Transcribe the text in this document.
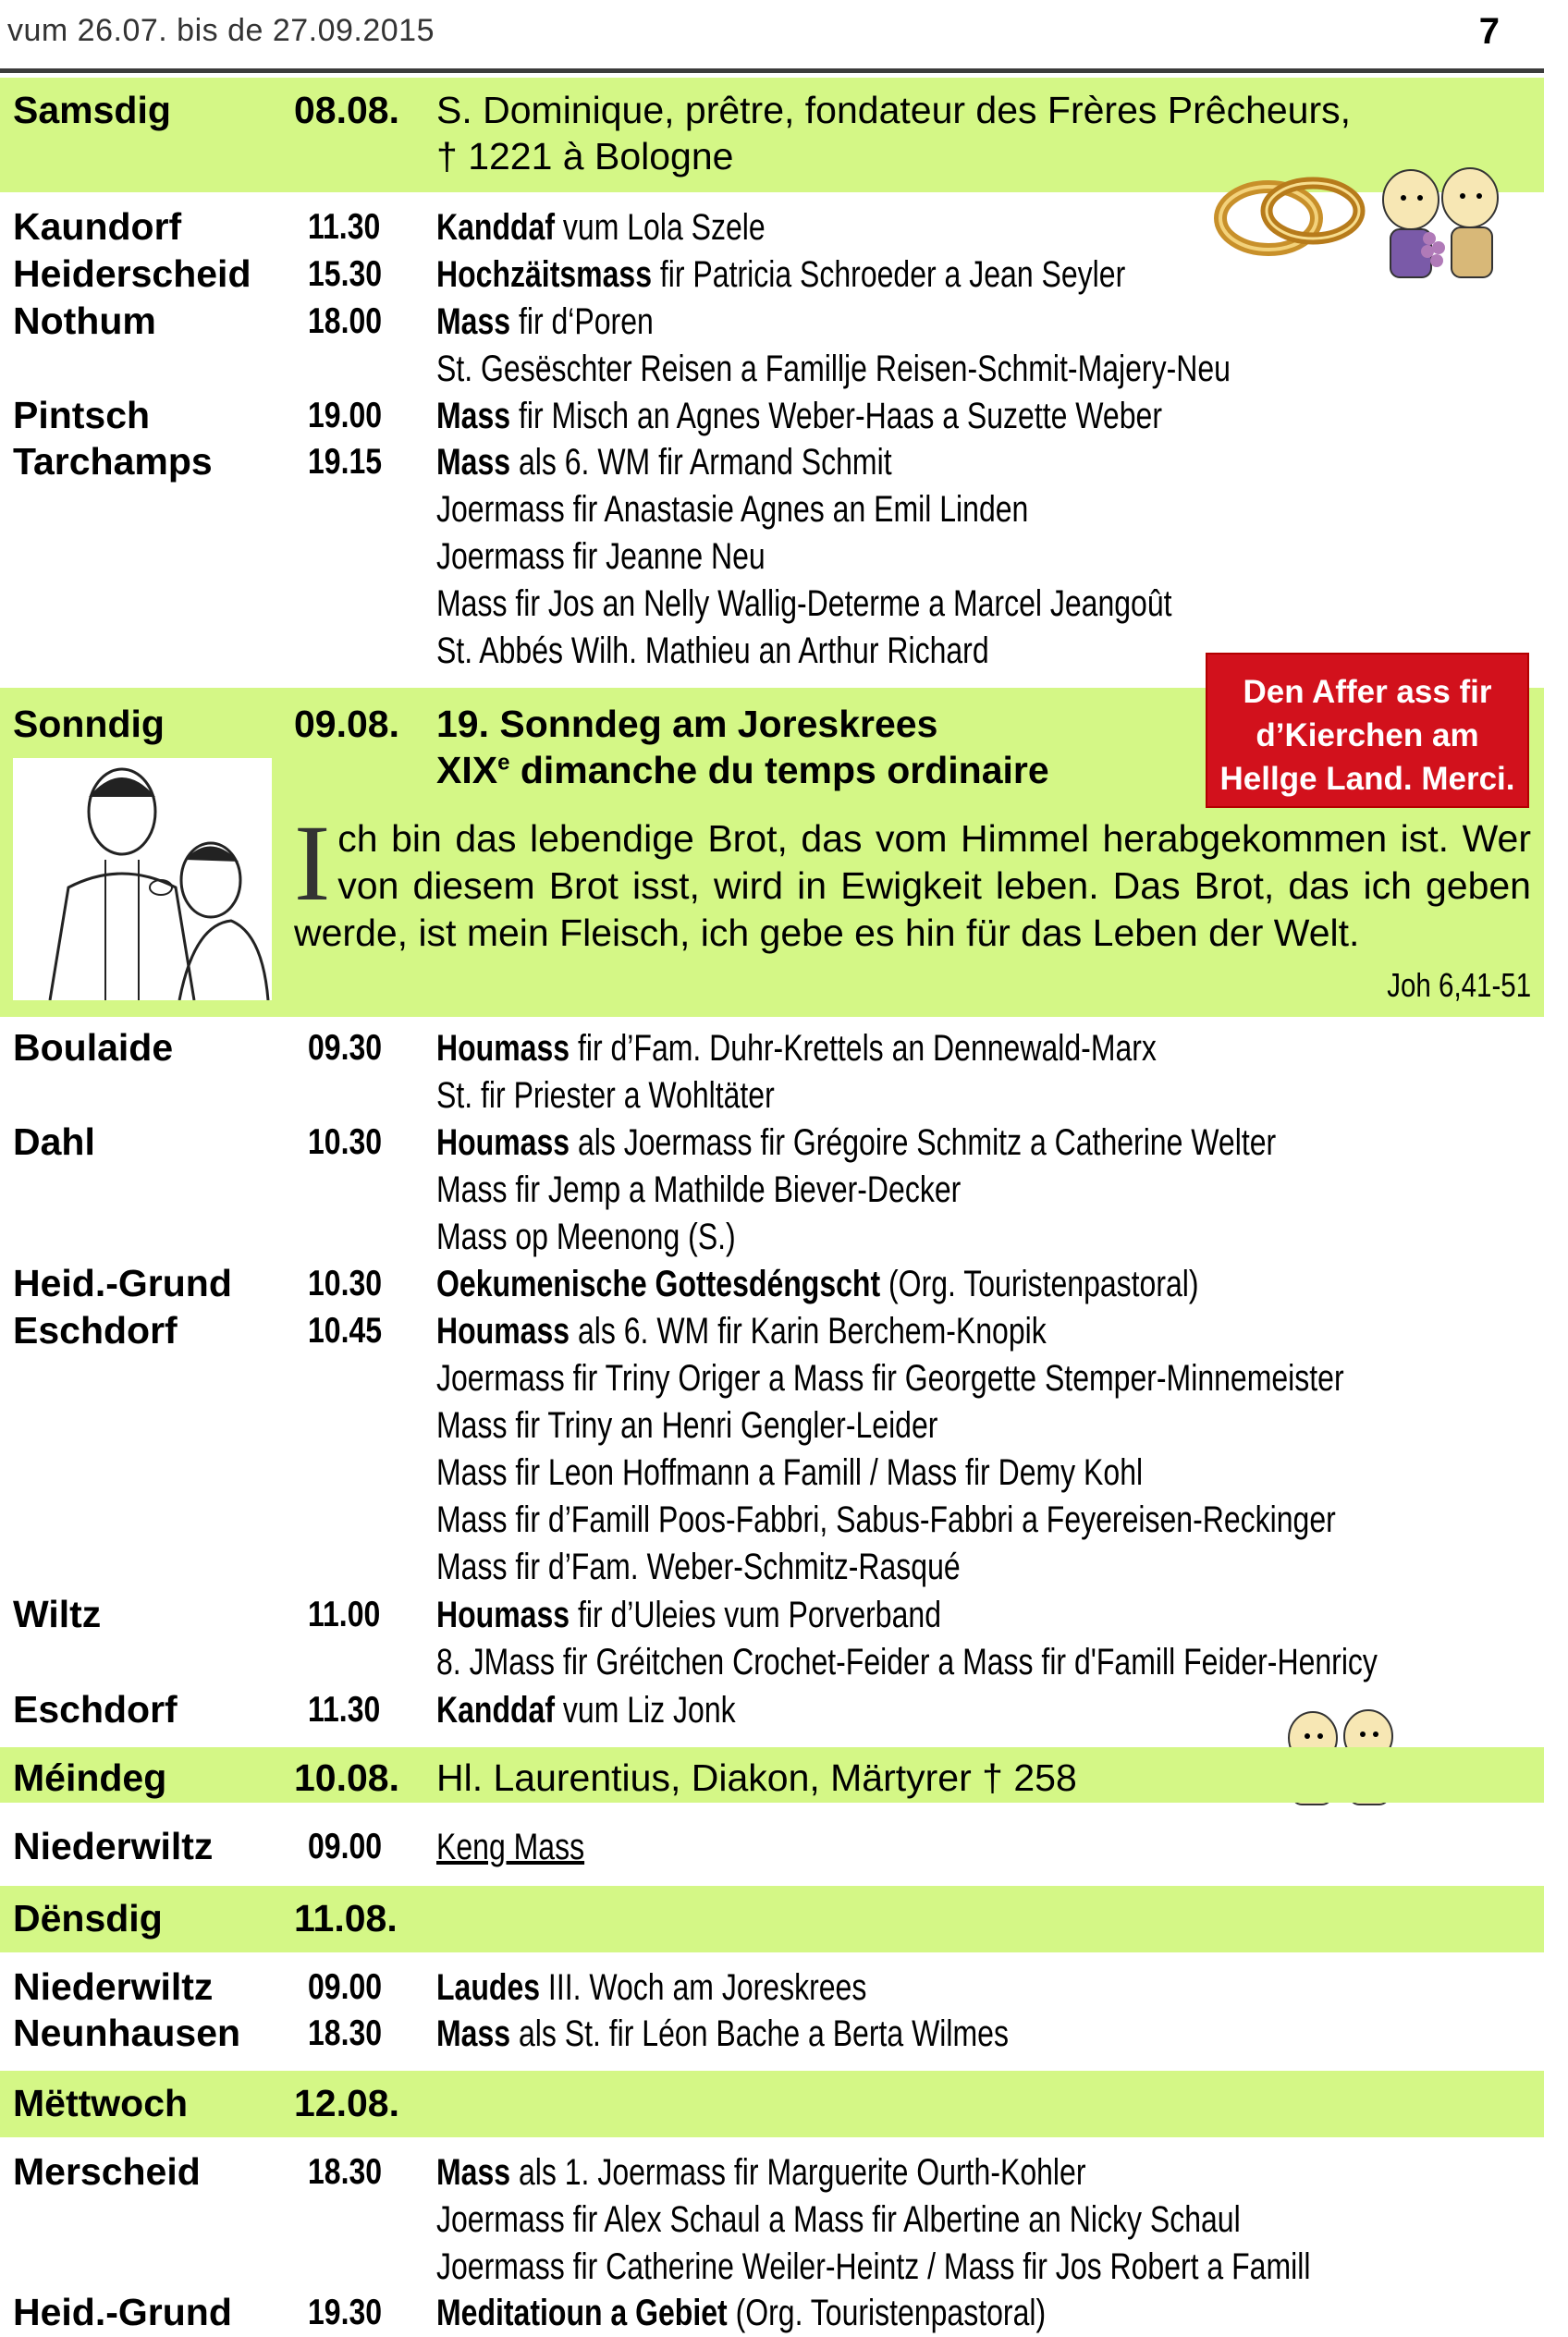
vum 26.07. bis de 27.09.2015	7
Samsdig	08.08. S. Dominique, prêtre, fondateur des Frères Prêcheurs,
† 1221 à Bologne
Kaundorf	11.30 Kanddaf vum Lola Szele
Heiderscheid 15.30 Hochzäitsmass fir Patricia Schroeder a Jean Seyler
Nothum	18.00 Mass fir d‘Poren
St. Gesëschter Reisen a Famillje Reisen-Schmit-Majery-Neu
Pintsch	19.00 Mass fir Misch an Agnes Weber-Haas a Suzette Weber
Tarchamps	19.15 Mass als 6. WM fir Armand Schmit
Joermass fir Anastasie Agnes an Emil Linden
Joermass fir Jeanne Neu
Mass fir Jos an Nelly Wallig-Determe a Marcel Jeangoût
St. Abbés Wilh. Mathieu an Arthur Richard
Sonndig	09.08. 19. Sonndeg am Joreskrees
XIXe dimanche du temps ordinaire
Den Affer ass fir
d’Kierchen am
Hellge Land. Merci.
Ich bin das lebendige Brot, das vom Himmel herabgekommen ist. Wer von diesem Brot isst, wird in Ewigkeit leben. Das Brot, das ich geben werde, ist mein Fleisch, ich gebe es hin für das Leben der Welt.
Joh 6,41-51
Boulaide	09.30 Houmass fir d’Fam. Duhr-Krettels an Dennewald-Marx
St. fir Priester a Wohltäter
Dahl	10.30 Houmass als Joermass fir Grégoire Schmitz a Catherine Welter
Mass fir Jemp a Mathilde Biever-Decker
Mass op Meenong (S.)
Heid.-Grund 10.30 Oekumenische Gottesdéngscht (Org. Touristenpastoral)
Eschdorf	10.45 Houmass als 6. WM fir Karin Berchem-Knopik
Joermass fir Triny Origer a Mass fir Georgette Stemper-Minnemeister
Mass fir Triny an Henri Gengler-Leider
Mass fir Leon Hoffmann a Famill / Mass fir Demy Kohl
Mass fir d’Famill Poos-Fabbri, Sabus-Fabbri a Feyereisen-Reckinger
Mass fir d’Fam. Weber-Schmitz-Rasqué
Wiltz	11.00 Houmass fir d’Uleies vum Porverband
8. JMass fir Gréitchen Crochet-Feider a Mass fir d'Famill Feider-Henricy
Eschdorf	11.30 Kanddaf vum Liz Jonk
Méindeg	10.08. Hl. Laurentius, Diakon, Märtyrer † 258
Niederwiltz	09.00 Keng Mass
Dënsdig	11.08.
Niederwiltz	09.00 Laudes III. Woch am Joreskrees
Neunhausen 18.30 Mass als St. fir Léon Bache a Berta Wilmes
Mëttwoch	12.08.
Merscheid	18.30 Mass als 1. Joermass fir Marguerite Ourth-Kohler
Joermass fir Alex Schaul a Mass fir Albertine an Nicky Schaul
Joermass fir Catherine Weiler-Heintz / Mass fir Jos Robert a Famill
Heid.-Grund 19.30 Meditatioun a Gebiet (Org. Touristenpastoral)
